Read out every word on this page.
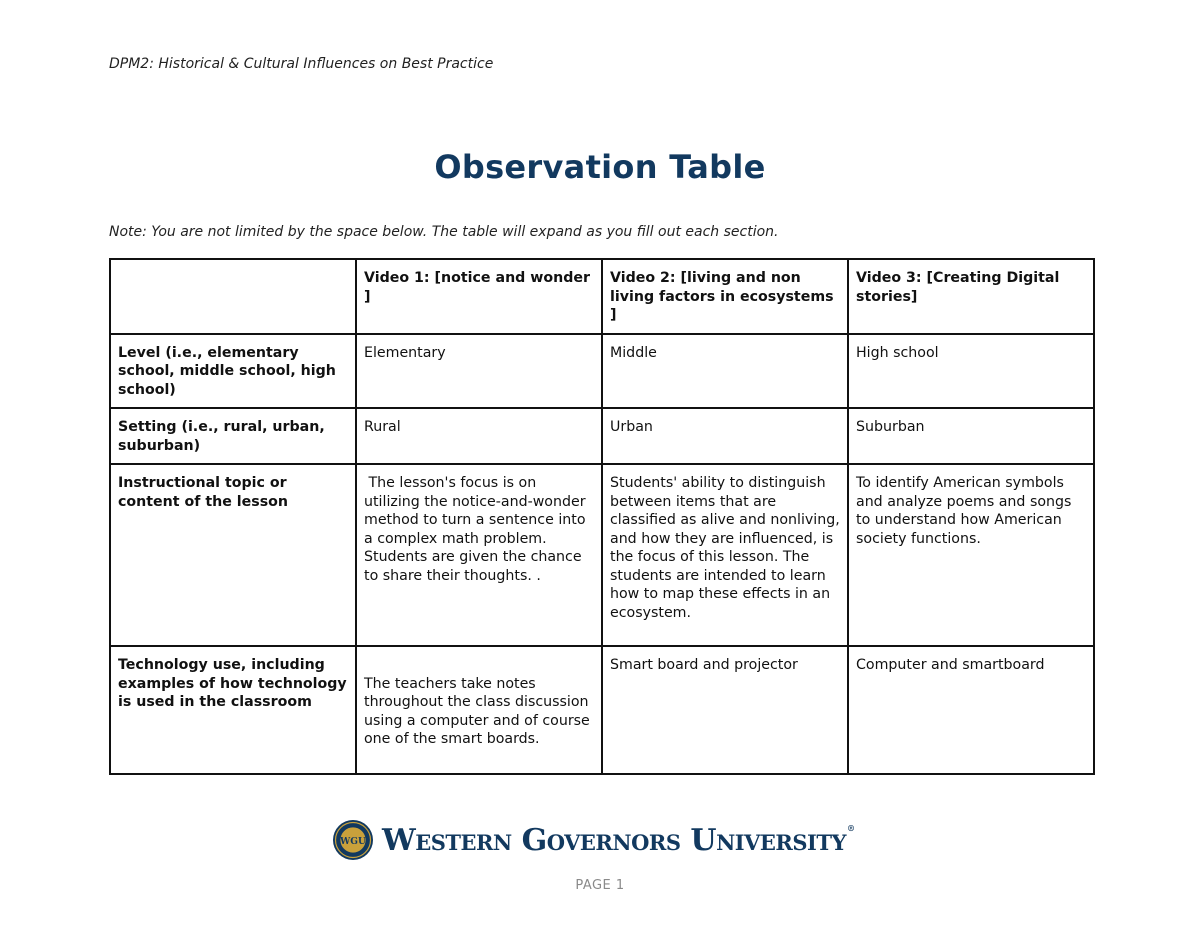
DPM2: Historical & Cultural Influences on Best Practice
Observation Table
Note: You are not limited by the space below. The table will expand as you fill out each section.
	Video 1: [notice and wonder ]	Video 2: [living and non living factors in ecosystems ]	Video 3: [Creating Digital stories]
Level (i.e., elementary school, middle school, high school)	Elementary	Middle	High school
Setting (i.e., rural, urban, suburban)	Rural	Urban	Suburban
Instructional topic or content of the lesson	The lesson's focus is on utilizing the notice-and-wonder method to turn a sentence into a complex math problem. Students are given the chance to share their thoughts. .	Students' ability to distinguish between items that are classified as alive and nonliving, and how they are influenced, is the focus of this lesson. The students are intended to learn how to map these effects in an ecosystem.	To identify American symbols and analyze poems and songs to understand how American society functions.
Technology use, including examples of how technology is used in the classroom	The teachers take notes throughout the class discussion using a computer and of course one of the smart boards.	Smart board and projector	Computer and smartboard
WGU Western Governors University®
PAGE 1
